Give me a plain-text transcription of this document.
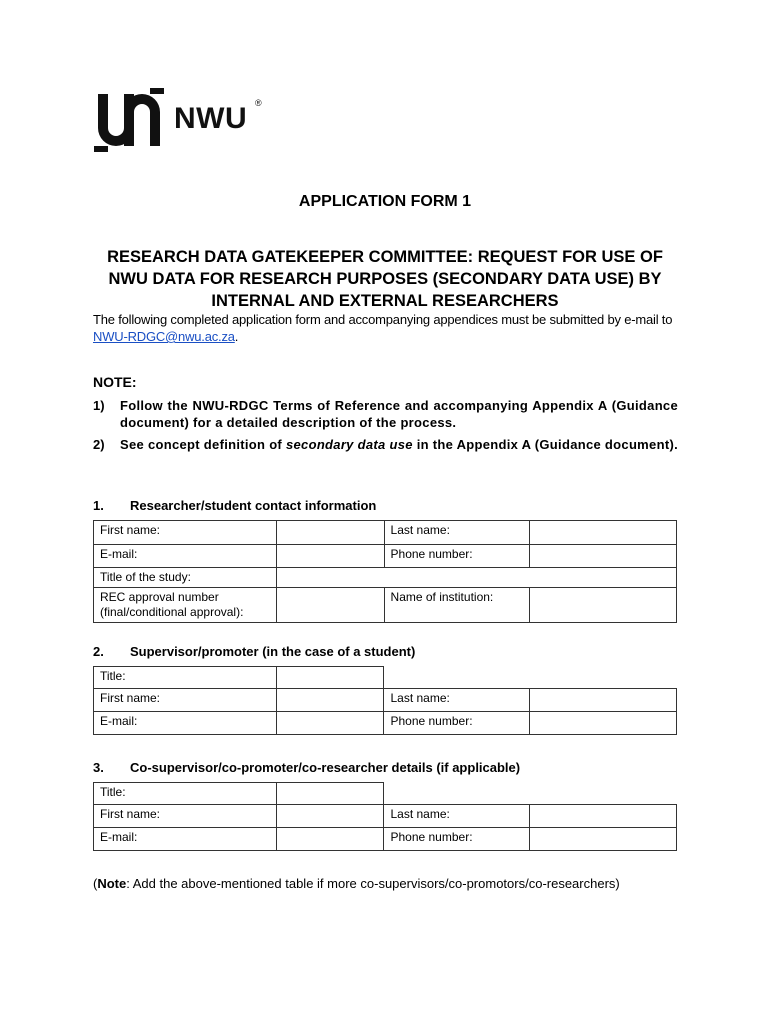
NWU ®
APPLICATION FORM 1
RESEARCH DATA GATEKEEPER COMMITTEE: REQUEST FOR USE OF NWU DATA FOR RESEARCH PURPOSES (SECONDARY DATA USE) BY INTERNAL AND EXTERNAL RESEARCHERS
The following completed application form and accompanying appendices must be submitted by e-mail to NWU-RDGC@nwu.ac.za.
NOTE:
1)	Follow the NWU-RDGC Terms of Reference and accompanying Appendix A (Guidance document) for a detailed description of the process.
2)	See concept definition of secondary data use in the Appendix A (Guidance document).
1. Researcher/student contact information
First name:		Last name:	
E-mail:		Phone number:	
Title of the study:			
REC approval number (final/conditional approval):		Name of institution:	
2. Supervisor/promoter (in the case of a student)
Title:			
First name:		Last name:	
E-mail:		Phone number:	
3. Co-supervisor/co-promoter/co-researcher details (if applicable)
Title:			
First name:		Last name:	
E-mail:		Phone number:	
(Note: Add the above-mentioned table if more co-supervisors/co-promotors/co-researchers)
